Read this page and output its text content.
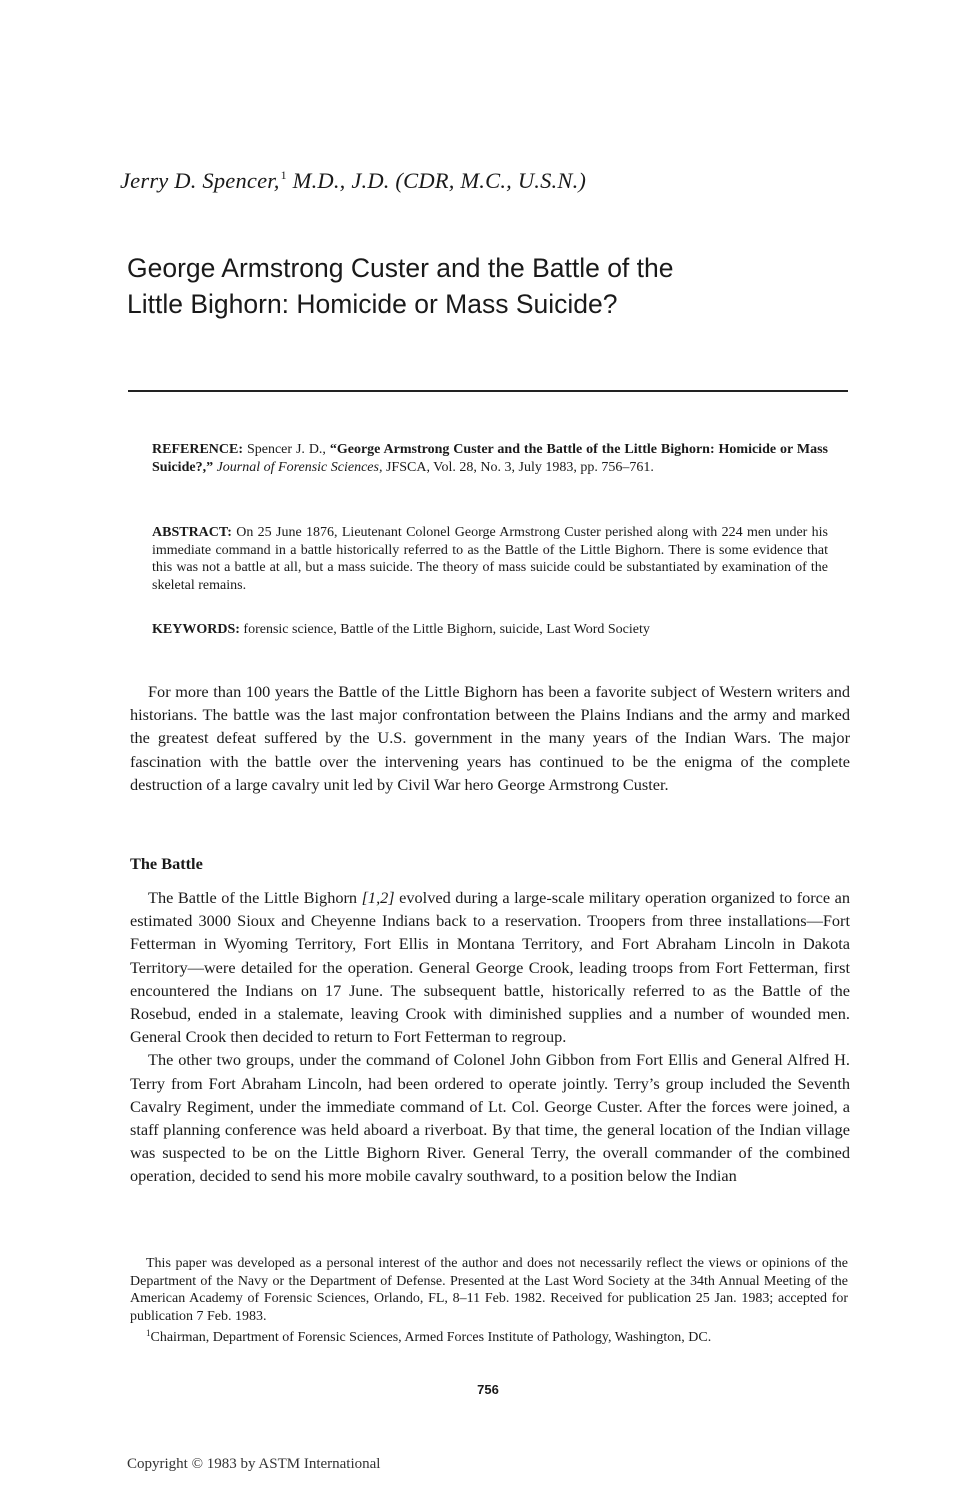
Jerry D. Spencer,$^1$ M.D., J.D. (CDR, M.C., U.S.N.)
George Armstrong Custer and the Battle of the
Little Bighorn: Homicide or Mass Suicide?

REFERENCE: Spencer J. D., “George Armstrong Custer and the Battle of the Little Bighorn: Homicide or Mass Suicide?,” Journal of Forensic Sciences, JFSCA, Vol. 28, No. 3, July 1983, pp. 756–761.

ABSTRACT: On 25 June 1876, Lieutenant Colonel George Armstrong Custer perished along with 224 men under his immediate command in a battle historically referred to as the Battle of the Little Bighorn. There is some evidence that this was not a battle at all, but a mass suicide. The theory of mass suicide could be substantiated by examination of the skeletal remains.

KEYWORDS: forensic science, Battle of the Little Bighorn, suicide, Last Word Society

For more than 100 years the Battle of the Little Bighorn has been a favorite subject of Western writers and historians. The battle was the last major confrontation between the Plains Indians and the army and marked the greatest defeat suffered by the U.S. government in the many years of the Indian Wars. The major fascination with the battle over the intervening years has continued to be the enigma of the complete destruction of a large cavalry unit led by Civil War hero George Armstrong Custer.

The Battle

The Battle of the Little Bighorn [1,2] evolved during a large-scale military operation organized to force an estimated 3000 Sioux and Cheyenne Indians back to a reservation. Troopers from three installations—Fort Fetterman in Wyoming Territory, Fort Ellis in Montana Territory, and Fort Abraham Lincoln in Dakota Territory—were detailed for the operation. General George Crook, leading troops from Fort Fetterman, first encountered the Indians on 17 June. The subsequent battle, historically referred to as the Battle of the Rosebud, ended in a stalemate, leaving Crook with diminished supplies and a number of wounded men. General Crook then decided to return to Fort Fetterman to regroup.

The other two groups, under the command of Colonel John Gibbon from Fort Ellis and General Alfred H. Terry from Fort Abraham Lincoln, had been ordered to operate jointly. Terry’s group included the Seventh Cavalry Regiment, under the immediate command of Lt. Col. George Custer. After the forces were joined, a staff planning conference was held aboard a riverboat. By that time, the general location of the Indian village was suspected to be on the Little Bighorn River. General Terry, the overall commander of the combined operation, decided to send his more mobile cavalry southward, to a position below the Indian

This paper was developed as a personal interest of the author and does not necessarily reflect the views or opinions of the Department of the Navy or the Department of Defense. Presented at the Last Word Society at the 34th Annual Meeting of the American Academy of Forensic Sciences, Orlando, FL, 8–11 Feb. 1982. Received for publication 25 Jan. 1983; accepted for publication 7 Feb. 1983.

$^1$Chairman, Department of Forensic Sciences, Armed Forces Institute of Pathology, Washington, DC.

756
Copyright © 1983 by ASTM International
